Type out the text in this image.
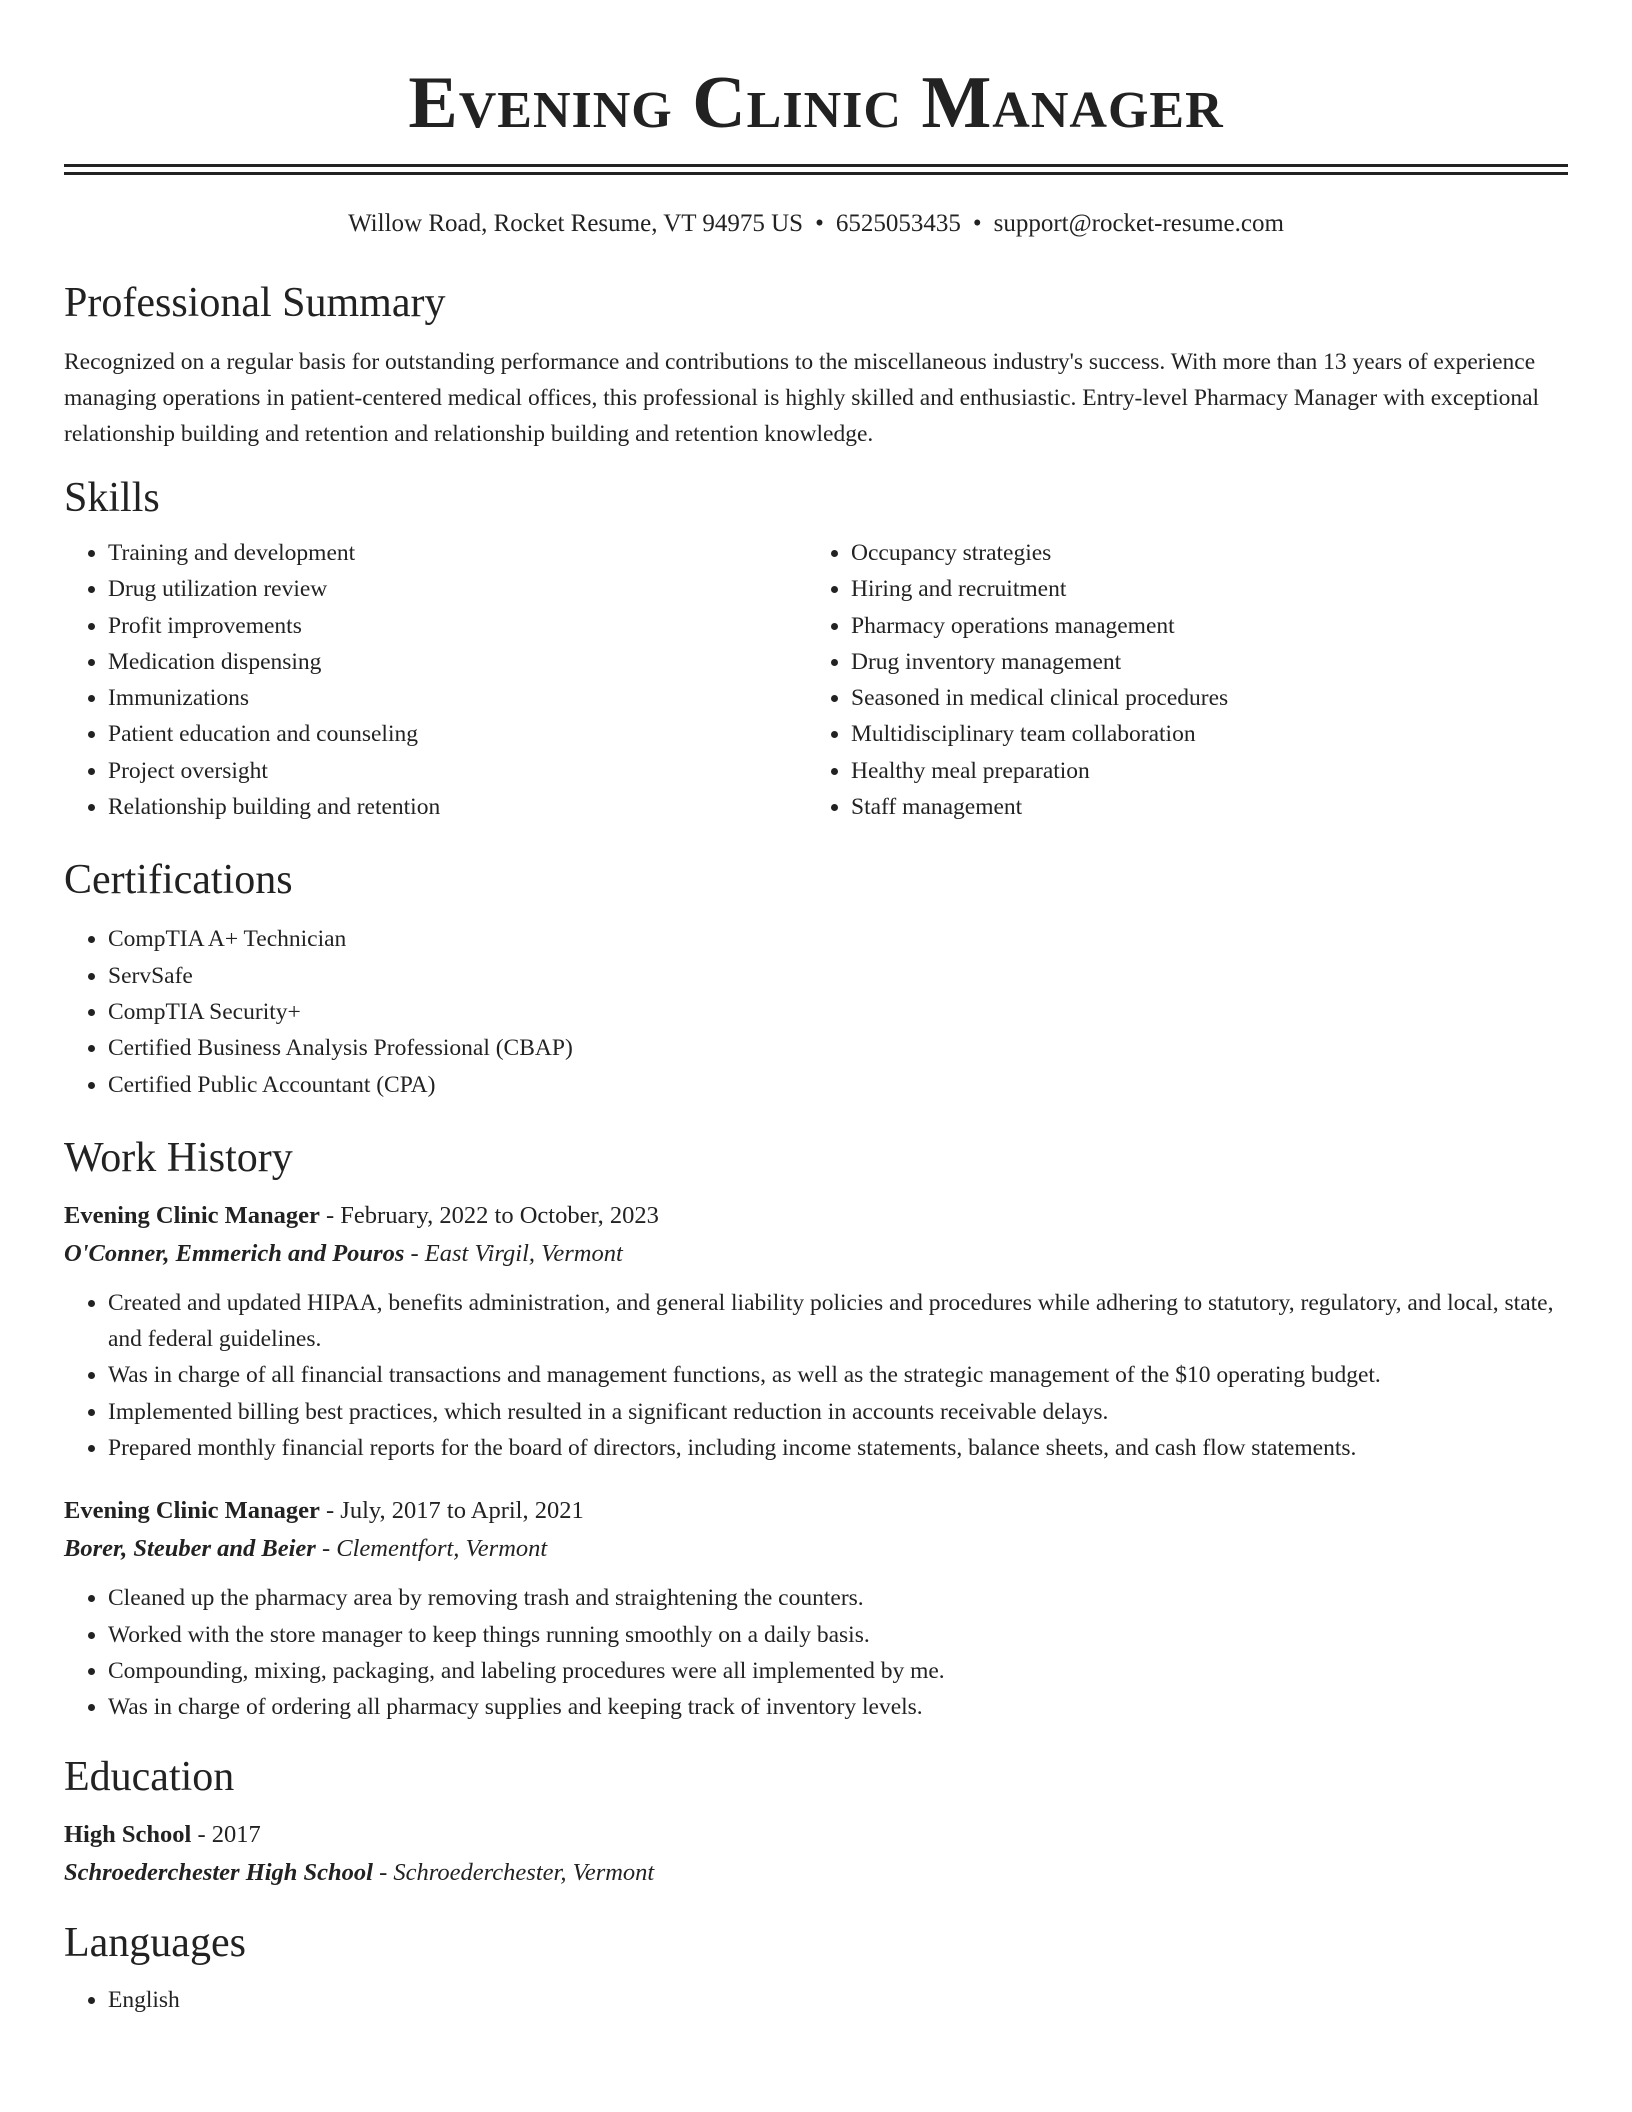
Evening Clinic Manager
Willow Road, Rocket Resume, VT 94975 US • 6525053435 • support@rocket-resume.com
Professional Summary
Recognized on a regular basis for outstanding performance and contributions to the miscellaneous industry's success. With more than 13 years of experience managing operations in patient-centered medical offices, this professional is highly skilled and enthusiastic. Entry-level Pharmacy Manager with exceptional relationship building and retention and relationship building and retention knowledge.
Skills
• Training and development
• Drug utilization review
• Profit improvements
• Medication dispensing
• Immunizations
• Patient education and counseling
• Project oversight
• Relationship building and retention
• Occupancy strategies
• Hiring and recruitment
• Pharmacy operations management
• Drug inventory management
• Seasoned in medical clinical procedures
• Multidisciplinary team collaboration
• Healthy meal preparation
• Staff management
Certifications
• CompTIA A+ Technician
• ServSafe
• CompTIA Security+
• Certified Business Analysis Professional (CBAP)
• Certified Public Accountant (CPA)
Work History
Evening Clinic Manager - February, 2022 to October, 2023
O'Conner, Emmerich and Pouros - East Virgil, Vermont
• Created and updated HIPAA, benefits administration, and general liability policies and procedures while adhering to statutory, regulatory, and local, state, and federal guidelines.
• Was in charge of all financial transactions and management functions, as well as the strategic management of the $10 operating budget.
• Implemented billing best practices, which resulted in a significant reduction in accounts receivable delays.
• Prepared monthly financial reports for the board of directors, including income statements, balance sheets, and cash flow statements.
Evening Clinic Manager - July, 2017 to April, 2021
Borer, Steuber and Beier - Clementfort, Vermont
• Cleaned up the pharmacy area by removing trash and straightening the counters.
• Worked with the store manager to keep things running smoothly on a daily basis.
• Compounding, mixing, packaging, and labeling procedures were all implemented by me.
• Was in charge of ordering all pharmacy supplies and keeping track of inventory levels.
Education
High School - 2017
Schroederchester High School - Schroederchester, Vermont
Languages
• English
